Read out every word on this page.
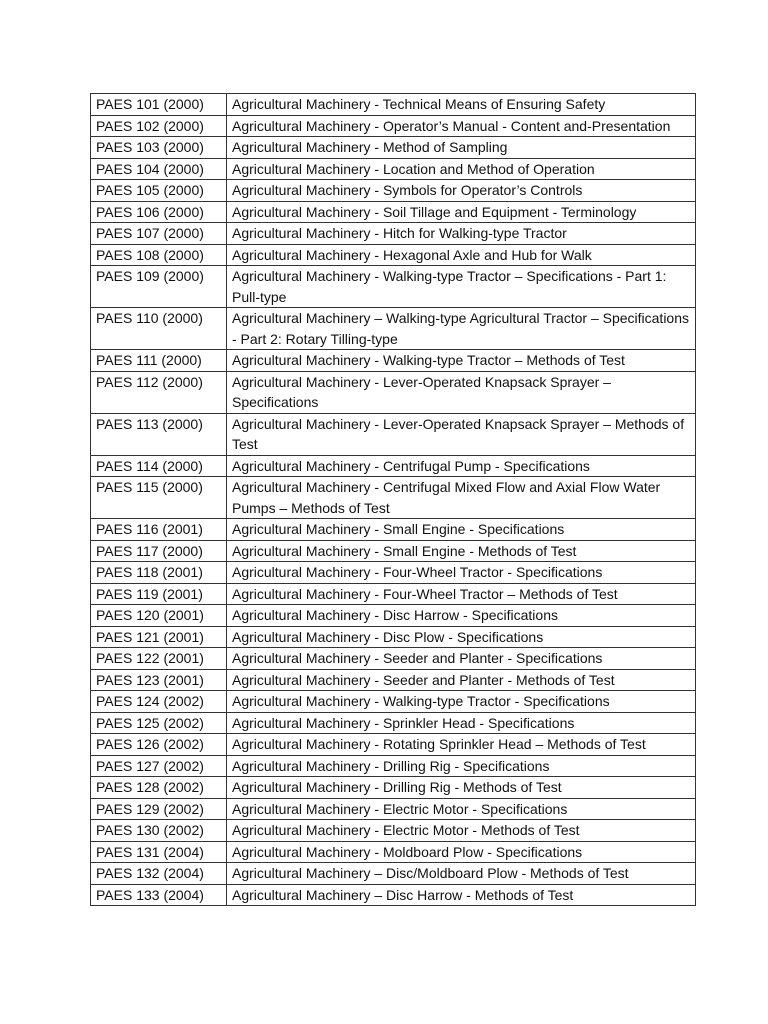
PAES 101 (2000)	Agricultural Machinery - Technical Means of Ensuring Safety
PAES 102 (2000)	Agricultural Machinery - Operator’s Manual - Content and-Presentation
PAES 103 (2000)	Agricultural Machinery - Method of Sampling
PAES 104 (2000)	Agricultural Machinery - Location and Method of Operation
PAES 105 (2000)	Agricultural Machinery - Symbols for Operator’s Controls
PAES 106 (2000)	Agricultural Machinery - Soil Tillage and Equipment - Terminology
PAES 107 (2000)	Agricultural Machinery - Hitch for Walking-type Tractor
PAES 108 (2000)	Agricultural Machinery - Hexagonal Axle and Hub for Walk
PAES 109 (2000)	Agricultural Machinery - Walking-type Tractor – Specifications - Part 1: Pull-type
PAES 110 (2000)	Agricultural Machinery – Walking-type Agricultural Tractor – Specifications - Part 2: Rotary Tilling-type
PAES 111 (2000)	Agricultural Machinery - Walking-type Tractor – Methods of Test
PAES 112 (2000)	Agricultural Machinery - Lever-Operated Knapsack Sprayer – Specifications
PAES 113 (2000)	Agricultural Machinery - Lever-Operated Knapsack Sprayer – Methods of Test
PAES 114 (2000)	Agricultural Machinery - Centrifugal Pump - Specifications
PAES 115 (2000)	Agricultural Machinery - Centrifugal Mixed Flow and Axial Flow Water Pumps – Methods of Test
PAES 116 (2001)	Agricultural Machinery - Small Engine - Specifications
PAES 117 (2000)	Agricultural Machinery - Small Engine - Methods of Test
PAES 118 (2001)	Agricultural Machinery - Four-Wheel Tractor - Specifications
PAES 119 (2001)	Agricultural Machinery - Four-Wheel Tractor – Methods of Test
PAES 120 (2001)	Agricultural Machinery - Disc Harrow - Specifications
PAES 121 (2001)	Agricultural Machinery - Disc Plow - Specifications
PAES 122 (2001)	Agricultural Machinery - Seeder and Planter - Specifications
PAES 123 (2001)	Agricultural Machinery - Seeder and Planter - Methods of Test
PAES 124 (2002)	Agricultural Machinery - Walking-type Tractor - Specifications
PAES 125 (2002)	Agricultural Machinery - Sprinkler Head - Specifications
PAES 126 (2002)	Agricultural Machinery - Rotating Sprinkler Head – Methods of Test
PAES 127 (2002)	Agricultural Machinery - Drilling Rig - Specifications
PAES 128 (2002)	Agricultural Machinery - Drilling Rig - Methods of Test
PAES 129 (2002)	Agricultural Machinery - Electric Motor - Specifications
PAES 130 (2002)	Agricultural Machinery - Electric Motor - Methods of Test
PAES 131 (2004)	Agricultural Machinery - Moldboard Plow - Specifications
PAES 132 (2004)	Agricultural Machinery – Disc/Moldboard Plow - Methods of Test
PAES 133 (2004)	Agricultural Machinery – Disc Harrow - Methods of Test
